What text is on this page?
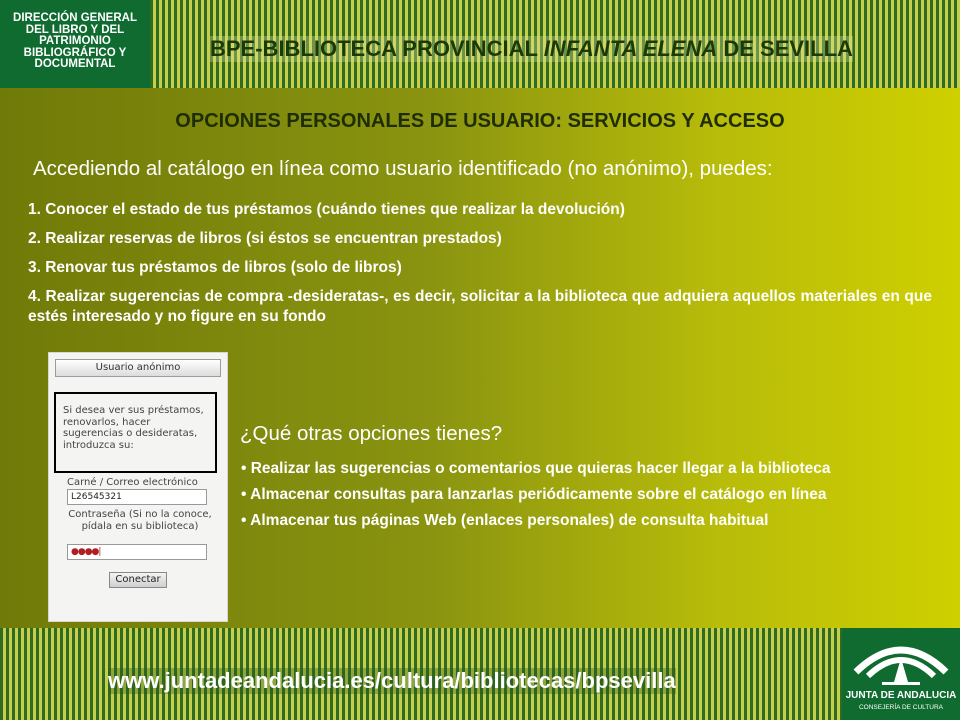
DIRECCIÓN GENERAL
DEL LIBRO Y DEL
PATRIMONIO
BIBLIOGRÁFICO Y
DOCUMENTAL
BPE-BIBLIOTECA PROVINCIAL INFANTA ELENA DE SEVILLA
OPCIONES PERSONALES DE USUARIO: SERVICIOS Y ACCESO
Accediendo al catálogo en línea como usuario identificado (no anónimo), puedes:
1. Conocer el estado de tus préstamos (cuándo tienes que realizar la devolución)
2. Realizar reservas de libros (si éstos se encuentran prestados)
3. Renovar tus préstamos de libros (solo de libros)
4. Realizar sugerencias de compra -desideratas-, es decir, solicitar a la biblioteca que adquiera aquellos materiales en que estés interesado y no figure en su fondo
Usuario anónimo
Si desea ver sus préstamos, renovarlos, hacer sugerencias o desideratas, introduzca su:
Carné / Correo electrónico
L26545321
Contraseña (Si no la conoce, pídala en su biblioteca)
●●●●|
Conectar
¿Qué otras opciones tienes?
• Realizar las sugerencias o comentarios que quieras hacer llegar a la biblioteca
• Almacenar consultas para lanzarlas periódicamente sobre el catálogo en línea
• Almacenar tus páginas Web (enlaces personales) de consulta habitual
www.juntadeandalucia.es/cultura/bibliotecas/bpsevilla
JUNTA DE ANDALUCIA
CONSEJERÍA DE CULTURA
